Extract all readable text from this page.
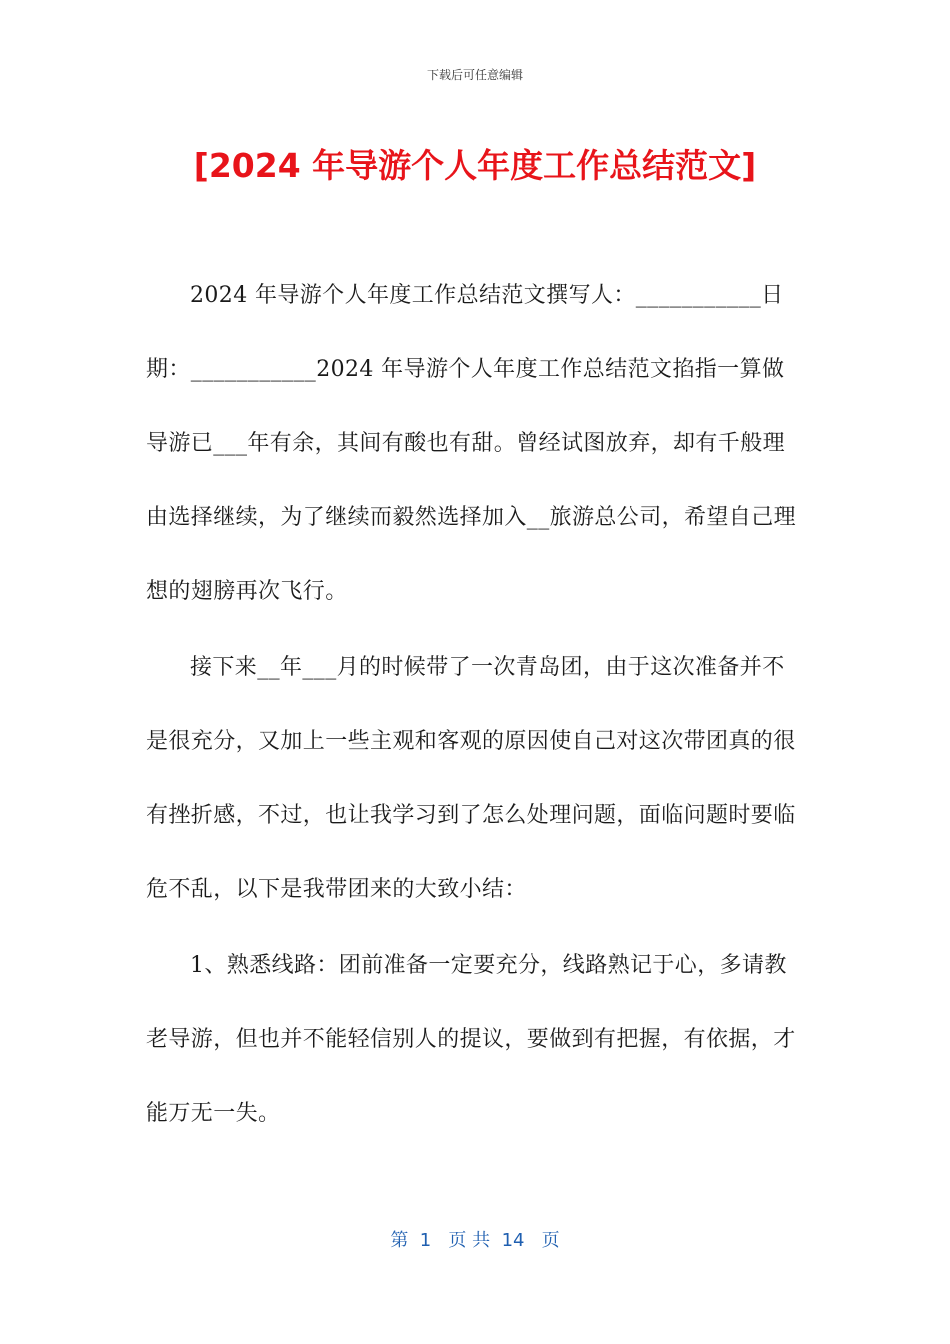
下载后可任意编辑
[2024 年导游个人年度工作总结范文]

2024 年导游个人年度工作总结范文撰写人：___________日期：___________2024 年导游个人年度工作总结范文掐指一算做导游已___年有余，其间有酸也有甜。曾经试图放弃，却有千般理由选择继续，为了继续而毅然选择加入__旅游总公司，希望自己理想的翅膀再次飞行。

接下来__年___月的时候带了一次青岛团，由于这次准备并不是很充分，又加上一些主观和客观的原因使自己对这次带团真的很有挫折感，不过，也让我学习到了怎么处理问题，面临问题时要临危不乱，以下是我带团来的大致小结：

1、熟悉线路：团前准备一定要充分，线路熟记于心，多请教老导游，但也并不能轻信别人的提议，要做到有把握，有依据，才能万无一失。

第  1   页 共  14   页
